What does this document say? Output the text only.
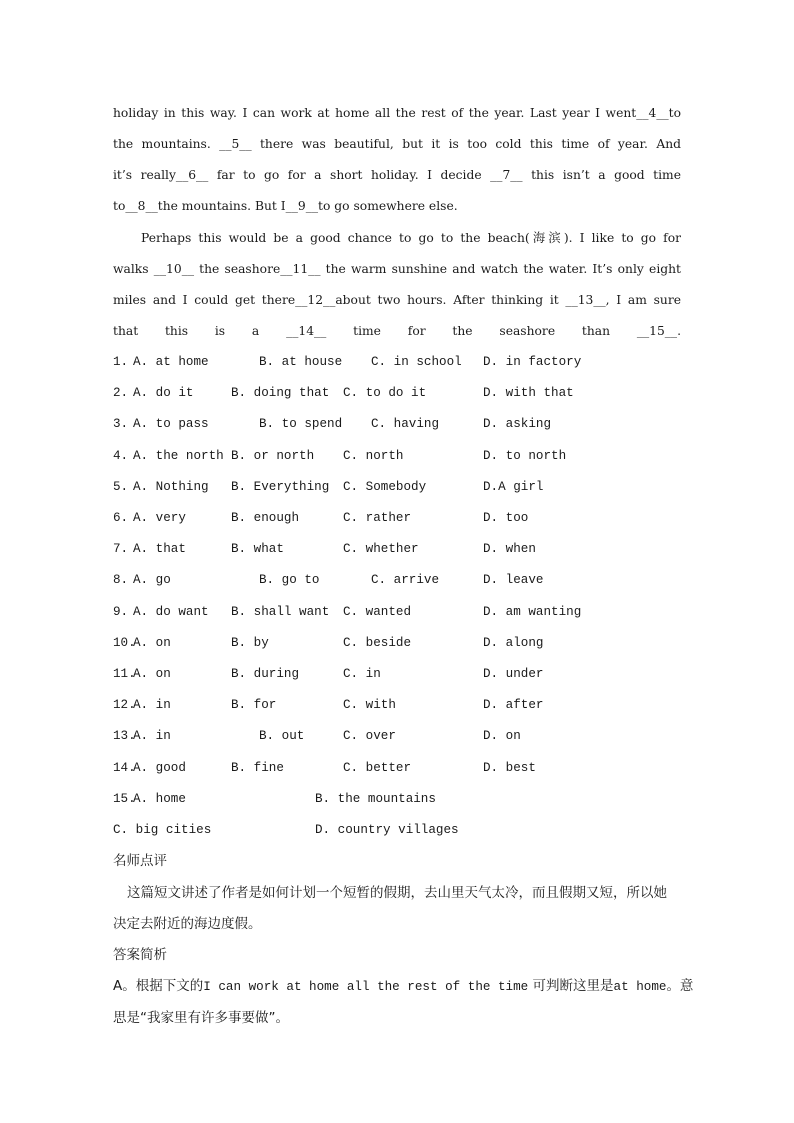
holiday in this way. I can work at home all the rest of the year. Last year I went__4__to
the mountains. __5__ there was beautiful, but it is too cold this time of year. And
it’s really__6__ far to go for a short holiday. I decide __7__ this isn’t a good time
to__8__the mountains. But I__9__to go somewhere else.
Perhaps this would be a good chance to go to the beach(海滨). I like to go for
walks __10__ the seashore__11__ the warm sunshine and watch the water. It’s only eight
miles and I could get there__12__about two hours. After thinking it __13__, I am sure
that this is a __14__ time for the seashore than __15__.
1. A. at home	B. at house C. in school D. in factory
2. A. do it	B. doing that C. to do it	D. with that
3. A. to pass	B. to spend C. having	D. asking
4. A. the north B. or north C. north	D. to north
5. A. Nothing B. Everything C. Somebody	D.A girl
6. A. very	B. enough	C. rather	D. too
7. A. that	B. what	C. whether	D. when
8. A. go	B. go to	C. arrive	D. leave
9. A. do want B. shall want C. wanted	D. am wanting
10.
A. on	B. by	C. beside	D. along
11.
A. on	B. during	C. in	D. under
12.
A. in	B. for	C. with	D. after
13.
A. in	B. out	C. over	D. on
14.
A. good	B. fine	C. better	D. best
15.
A. home	B. the mountains
C. big cities	D. country villages
名师点评
这篇短文讲述了作者是如何计划一个短暂的假期，去山里天气太冷，而且假期又短，所以她
决定去附近的海边度假。
答案简析
A。根据下文的I can work at home all the rest of the time 可判断这里是at home。意
思是“我家里有许多事要做”。
